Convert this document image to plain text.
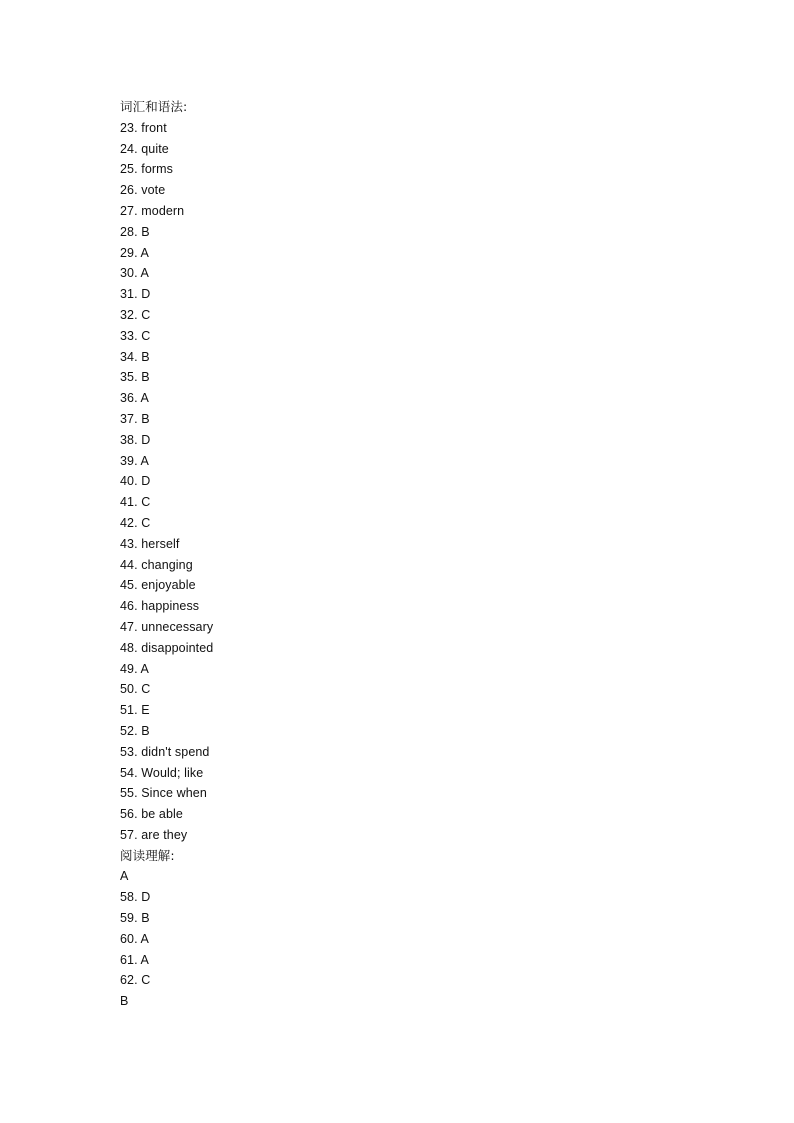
词汇和语法:
23. front
24. quite
25. forms
26. vote
27. modern
28. B
29. A
30. A
31. D
32. C
33. C
34. B
35. B
36. A
37. B
38. D
39. A
40. D
41. C
42. C
43. herself
44. changing
45. enjoyable
46. happiness
47. unnecessary
48. disappointed
49. A
50. C
51. E
52. B
53. didn't spend
54. Would; like
55. Since when
56. be able
57. are they
阅读理解:
A
58. D
59. B
60. A
61. A
62. C
B
